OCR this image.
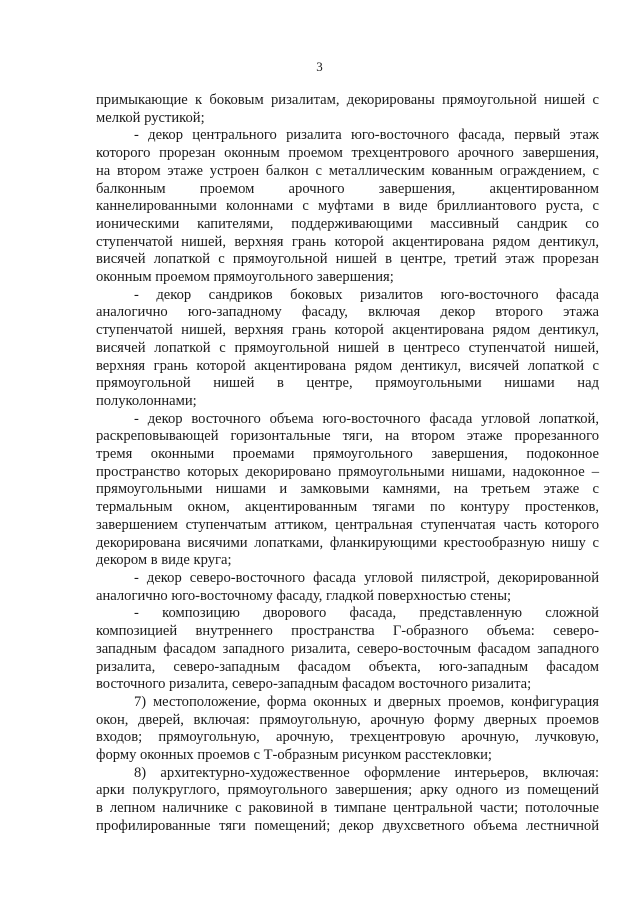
3
примыкающие к боковым ризалитам, декорированы прямоугольной нишей с
мелкой рустикой;
- декор центрального ризалита юго-восточного фасада, первый этаж
которого прорезан оконным проемом трехцентрового арочного завершения,
на втором этаже устроен балкон с металлическим кованным ограждением, с
балконным проемом арочного завершения, акцентированном
каннелированными колоннами с муфтами в виде бриллиантового руста, с
ионическими капителями, поддерживающими массивный сандрик со
ступенчатой нишей, верхняя грань которой акцентирована рядом дентикул,
висячей лопаткой с прямоугольной нишей в центре, третий этаж прорезан
оконным проемом прямоугольного завершения;
- декор сандриков боковых ризалитов юго-восточного фасада
аналогично юго-западному фасаду, включая декор второго этажа
ступенчатой нишей, верхняя грань которой акцентирована рядом дентикул,
висячей лопаткой с прямоугольной нишей в центресо ступенчатой нишей,
верхняя грань которой акцентирована рядом дентикул, висячей лопаткой с
прямоугольной нишей в центре, прямоугольными нишами над
полуколоннами;
- декор восточного объема юго-восточного фасада угловой лопаткой,
раскреповывающей горизонтальные тяги, на втором этаже прорезанного
тремя оконными проемами прямоугольного завершения, подоконное
пространство которых декорировано прямоугольными нишами, надоконное –
прямоугольными нишами и замковыми камнями, на третьем этаже с
термальным окном, акцентированным тягами по контуру простенков,
завершением ступенчатым аттиком, центральная ступенчатая часть которого
декорирована висячими лопатками, фланкирующими крестообразную нишу с
декором в виде круга;
- декор северо-восточного фасада угловой пилястрой, декорированной
аналогично юго-восточному фасаду, гладкой поверхностью стены;
- композицию дворового фасада, представленную сложной
композицией внутреннего пространства Г-образного объема: северо-
западным фасадом западного ризалита, северо-восточным фасадом западного
ризалита, северо-западным фасадом объекта, юго-западным фасадом
восточного ризалита, северо-западным фасадом восточного ризалита;
7) местоположение, форма оконных и дверных проемов, конфигурация
окон, дверей, включая: прямоугольную, арочную форму дверных проемов
входов; прямоугольную, арочную, трехцентровую арочную, лучковую,
форму оконных проемов с Т-образным рисунком расстекловки;
8) архитектурно-художественное оформление интерьеров, включая:
арки полукруглого, прямоугольного завершения; арку одного из помещений
в лепном наличнике с раковиной в тимпане центральной части; потолочные
профилированные тяги помещений; декор двухсветного объема лестничной
